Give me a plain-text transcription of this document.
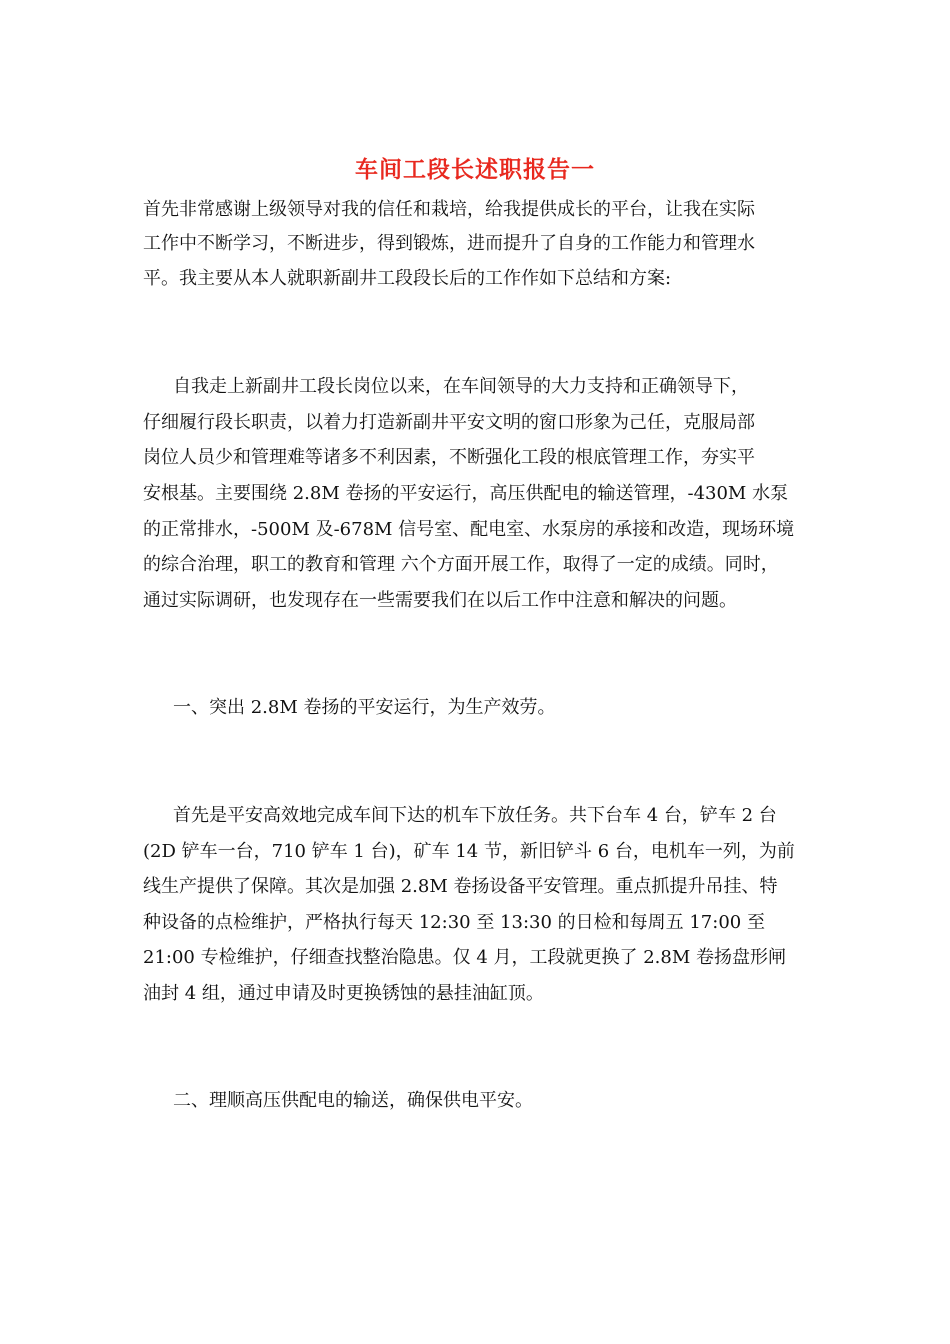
车间工段长述职报告一
首先非常感谢上级领导对我的信任和栽培，给我提供成长的平台，让我在实际
工作中不断学习，不断进步，得到锻炼，进而提升了自身的工作能力和管理水
平。我主要从本人就职新副井工段段长后的工作作如下总结和方案:
自我走上新副井工段长岗位以来，在车间领导的大力支持和正确领导下，
仔细履行段长职责，以着力打造新副井平安文明的窗口形象为己任，克服局部
岗位人员少和管理难等诸多不利因素，不断强化工段的根底管理工作，夯实平
安根基。主要围绕 2.8M 卷扬的平安运行，高压供配电的输送管理，-430M 水泵
的正常排水，-500M 及-678M 信号室、配电室、水泵房的承接和改造，现场环境
的综合治理，职工的教育和管理 六个方面开展工作，取得了一定的成绩。同时，
通过实际调研，也发现存在一些需要我们在以后工作中注意和解决的问题。
一、突出 2.8M 卷扬的平安运行，为生产效劳。
首先是平安高效地完成车间下达的机车下放任务。共下台车 4 台，铲车 2 台
(2D 铲车一台，710 铲车 1 台)，矿车 14 节，新旧铲斗 6 台，电机车一列，为前
线生产提供了保障。其次是加强 2.8M 卷扬设备平安管理。重点抓提升吊挂、特
种设备的点检维护，严格执行每天 12:30 至 13:30 的日检和每周五 17:00 至
21:00 专检维护，仔细查找整治隐患。仅 4 月，工段就更换了 2.8M 卷扬盘形闸
油封 4 组，通过申请及时更换锈蚀的悬挂油缸顶。
二、理顺高压供配电的输送，确保供电平安。
